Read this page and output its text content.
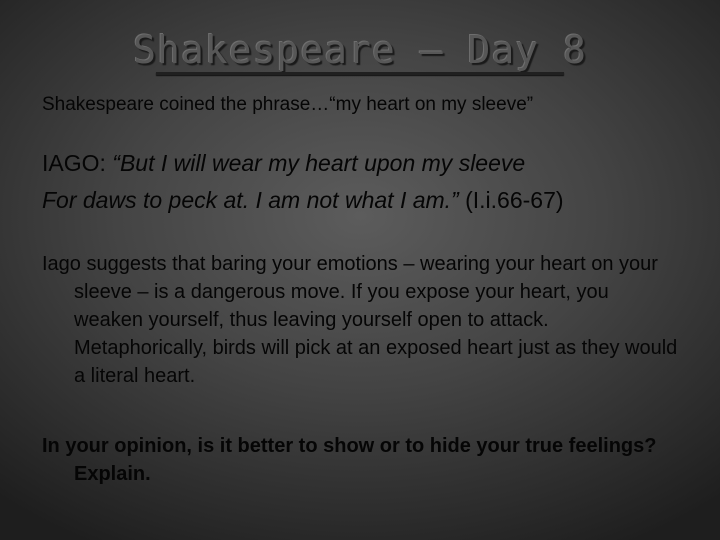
Shakespeare – Day 8
Shakespeare coined the phrase…“my heart on my sleeve”
IAGO: “But I will wear my heart upon my sleeve
For daws to peck at. I am not what I am.” (I.i.66-67)
Iago suggests that baring your emotions – wearing your heart on your sleeve – is a dangerous move. If you expose your heart, you weaken yourself, thus leaving yourself open to attack. Metaphorically, birds will pick at an exposed heart just as they would a literal heart.
In your opinion, is it better to show or to hide your true feelings? Explain.
